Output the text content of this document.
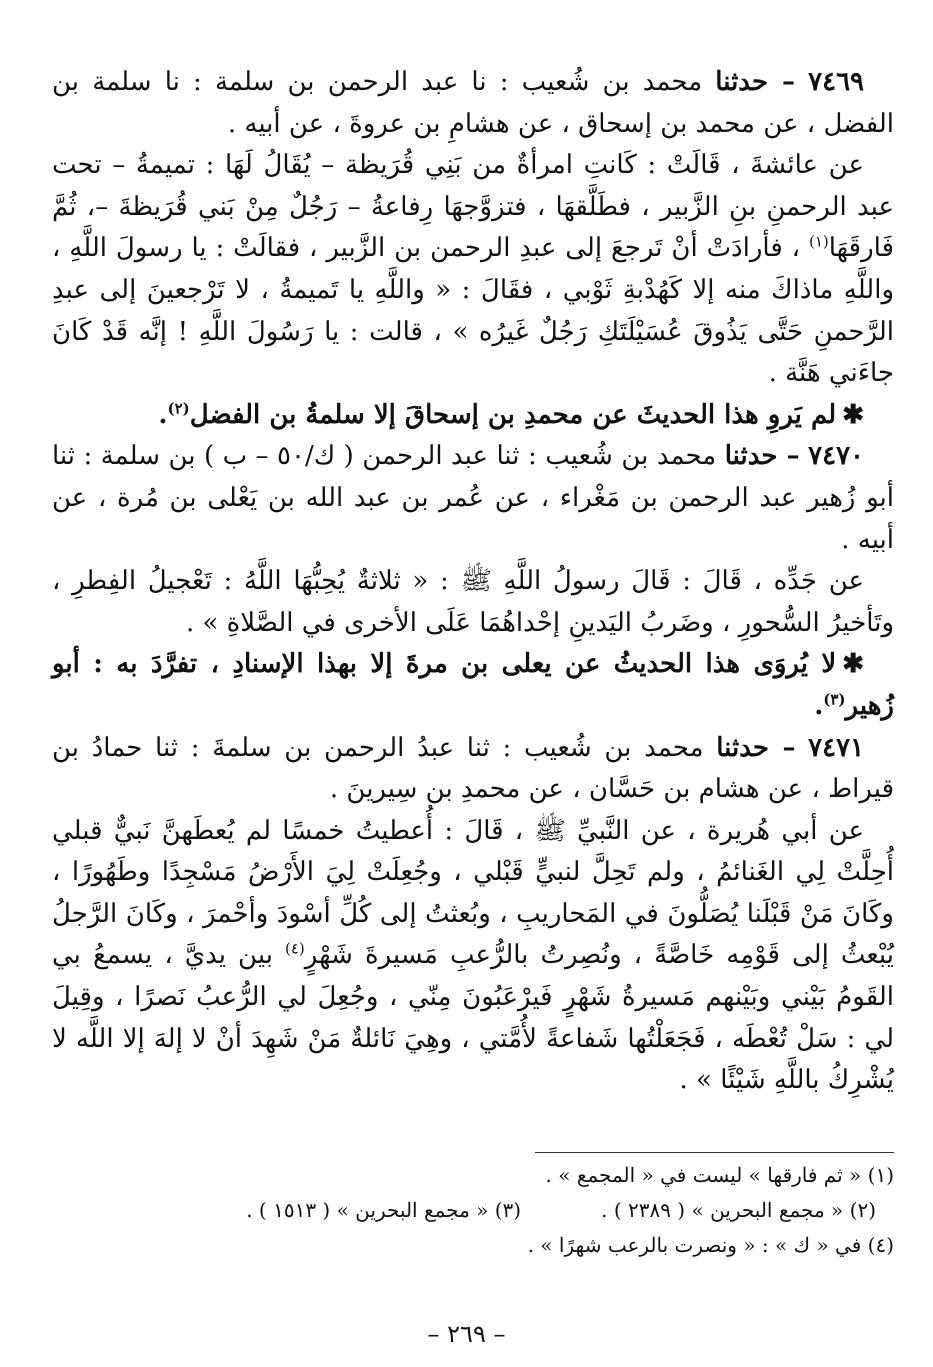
٧٤٦٩ – حدثنا محمد بن شُعيب : نا عبد الرحمن بن سلمة : نا سلمة بن الفضل ، عن محمد بن إسحاق ، عن هشامِ بن عروةَ ، عن أبيه .

عن عائشةَ ، قَالَتْ : كَانتِ امرأةٌ من بَنِي قُرَيظة – يُقَالُ لَهَا : تميمةُ – تحت عبد الرحمنِ بنِ الزَّبير ، فطَلَّقهَا ، فتزوَّجهَا رِفاعةُ – رَجُلٌ مِنْ بَني قُرَيظةَ –، ثُمَّ فَارقَهَا$^{(١)}$ ، فأرادَتْ أنْ تَرجعَ إلى عبدِ الرحمن بن الزَّبير ، فقالَتْ : يا رسولَ اللَّهِ ، واللَّهِ ماذاكَ منه إلا كَهُدْبةِ ثَوْبي ، فقَالَ : « واللَّهِ يا تَميمةُ ، لا تَرْجعينَ إلى عبدِ الرَّحمنِ حَتَّى يَذُوقَ عُسَيْلَتَكِ رَجُلٌ غَيرُه » ، قالت : يا رَسُولَ اللَّهِ ! إنَّه قَدْ كَانَ جاءَني هَنَّة .

✱لم يَروِ هذا الحديثَ عن محمدِ بن إسحاقَ إلا سلمةُ بن الفضل$^{(٢)}$.

٧٤٧٠ – حدثنا محمد بن شُعيب : ثنا عبد الرحمن ( ك/٥٠ – ب ) بن سلمة : ثنا أبو زُهير عبد الرحمن بن مَغْراء ، عن عُمر بن عبد الله بن يَعْلى بن مُرة ، عن أبيه .

عن جَدِّه ، قَالَ : قَالَ رسولُ اللَّهِ ﷺ : « ثلاثةٌ يُحِبُّهَا اللَّهُ : تَعْجيلُ الفِطرِ ، وتَأخيرُ السُّحورِ ، وضَربُ اليَدينِ إحْداهُمَا عَلَى الأخرى في الصَّلاةِ » .

✱لا يُروَى هذا الحديثُ عن يعلى بن مرةَ إلا بهذا الإسنادِ ، تفرَّدَ به : أبو زُهير$^{(٣)}$.

٧٤٧١ – حدثنا محمد بن شُعيب : ثنا عبدُ الرحمن بن سلمةَ : ثنا حمادُ بن قيراط ، عن هشام بن حَسَّان ، عن محمدِ بن سِيرينَ .

عن أبي هُريرة ، عن النَّبيِّ ﷺ ، قَالَ : أُعطيتُ خمسًا لم يُعطَهنَّ نَبيٌّ قبلي أُحِلَّتْ لِي الغَنائمُ ، ولم تَحِلَّ لنبيٍّ قَبْلي ، وجُعِلَتْ لِيَ الأَرْضُ مَسْجِدًا وطَهُورًا ، وكَانَ مَنْ قَبْلَنا يُصَلُّونَ في المَحاريبِ ، وبُعثتُ إلى كُلِّ أسْودَ وأحْمرَ ، وكَانَ الرَّجلُ يُبْعثُ إلى قَوْمِه خَاصَّةً ، ونُصِرتُ بالرُّعبِ مَسيرةَ شَهْرٍ$^{(٤)}$ بين يديَّ ، يسمعُ بي القَومُ بَيْني وبَيْنهم مَسيرةُ شَهْرٍ فَيرْعَبُونَ مِنّي ، وجُعِلَ لي الرُّعبُ نَصرًا ، وقِيلَ لي : سَلْ تُعْطَه ، فَجَعَلْتُها شَفاعةً لأُمَّتي ، وهِيَ نَائلةٌ مَنْ شَهِدَ أنْ لا إلهَ إلا اللَّه لا يُشْرِكُ باللَّهِ شَيْئًا » .

(١) « ثم فارقها » ليست في « المجمع » .
(٢) « مجمع البحرين » ( ٢٣٨٩ ) .
(٣) « مجمع البحرين » ( ١٥١٣ ) .
(٤) في « ك » : « ونصرت بالرعب شهرًا » .
– ٢٦٩ –
